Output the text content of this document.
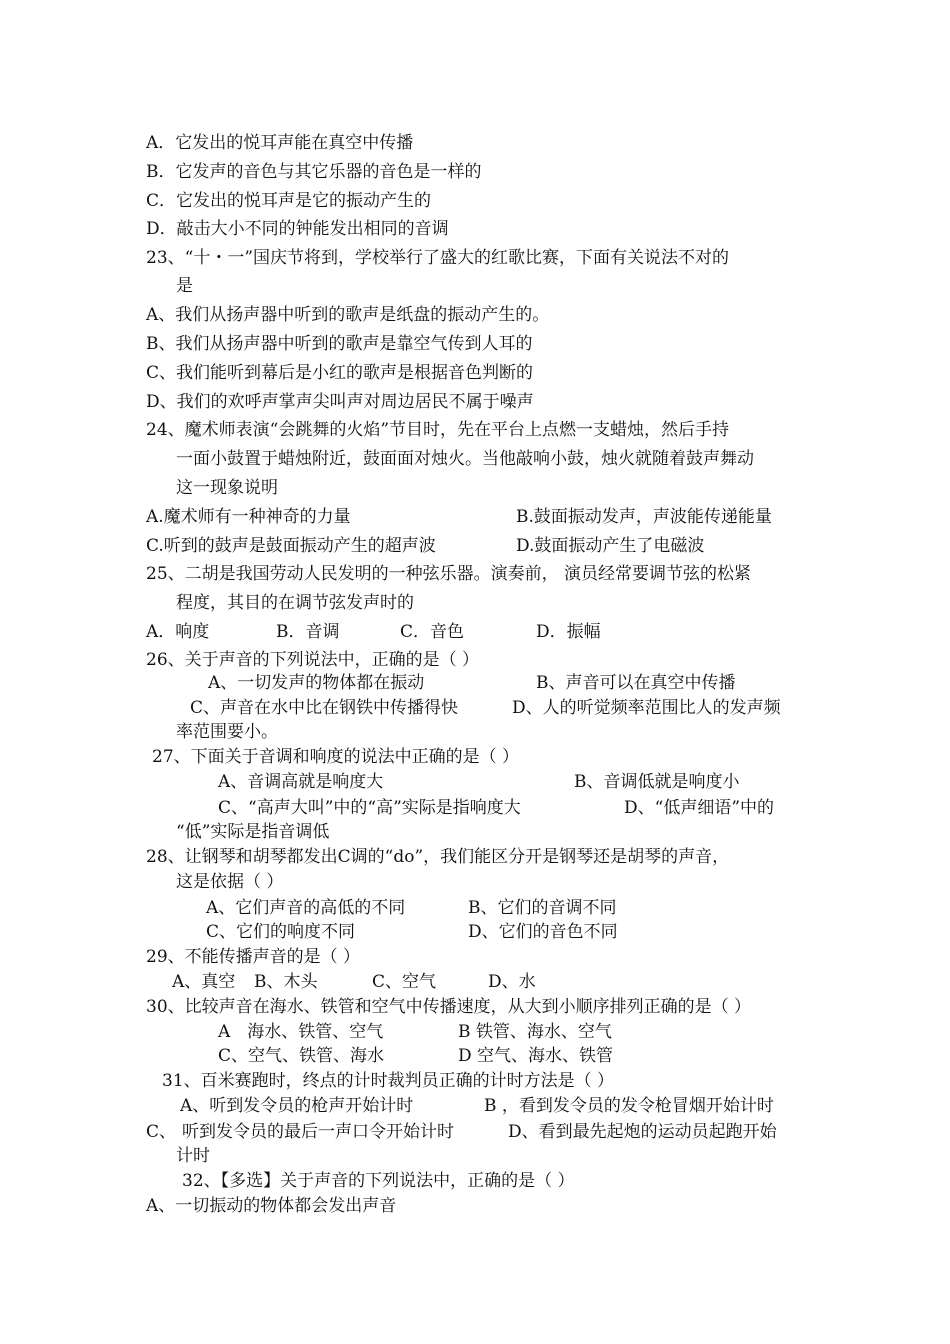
A．它发出的悦耳声能在真空中传播
B．它发声的音色与其它乐器的音色是一样的
C．它发出的悦耳声是它的振动产生的
D．敲击大小不同的钟能发出相同的音调
23、“十・一”国庆节将到，学校举行了盛大的红歌比赛，下面有关说法不对的
是
A、我们从扬声器中听到的歌声是纸盘的振动产生的。
B、我们从扬声器中听到的歌声是靠空气传到人耳的
C、我们能听到幕后是小红的歌声是根据音色判断的
D、我们的欢呼声掌声尖叫声对周边居民不属于噪声
24、魔术师表演“会跳舞的火焰”节目时，先在平台上点燃一支蜡烛，然后手持
一面小鼓置于蜡烛附近，鼓面面对烛火。当他敲响小鼓，烛火就随着鼓声舞动
这一现象说明
A.魔术师有一种神奇的力量	B.鼓面振动发声，声波能传递能量
C.听到的鼓声是鼓面振动产生的超声波	D.鼓面振动产生了电磁波
25、二胡是我国劳动人民发明的一种弦乐器。演奏前， 演员经常要调节弦的松紧
程度，其目的在调节弦发声时的
A．响度	B．音调	C．音色	D．振幅
26、关于声音的下列说法中，正确的是（ ）
A、一切发声的物体都在振动	B、声音可以在真空中传播
C、声音在水中比在钢铁中传播得快	D、人的听觉频率范围比人的发声频
率范围要小。
27、下面关于音调和响度的说法中正确的是（ ）
A、音调高就是响度大	B、音调低就是响度小
C、“高声大叫”中的“高”实际是指响度大	D、“低声细语”中的
“低”实际是指音调低
28、让钢琴和胡琴都发出C调的“do”，我们能区分开是钢琴还是胡琴的声音，
这是依据（ ）
A、它们声音的高低的不同	B、它们的音调不同
C、它们的响度不同	D、它们的音色不同
29、不能传播声音的是（ ）
A、真空 B、木头	C、空气	D、水
30、比较声音在海水、铁管和空气中传播速度，从大到小顺序排列正确的是（ ）
A　海水、铁管、空气	B 铁管、海水、空气
C、空气、铁管、海水	D 空气、海水、铁管
31、百米赛跑时，终点的计时裁判员正确的计时方法是（ ）
A、听到发令员的枪声开始计时	B ，看到发令员的发令枪冒烟开始计时
C、 听到发令员的最后一声口令开始计时	D、看到最先起炮的运动员起跑开始
计时
32、【多选】关于声音的下列说法中，正确的是（ ）
A、一切振动的物体都会发出声音
